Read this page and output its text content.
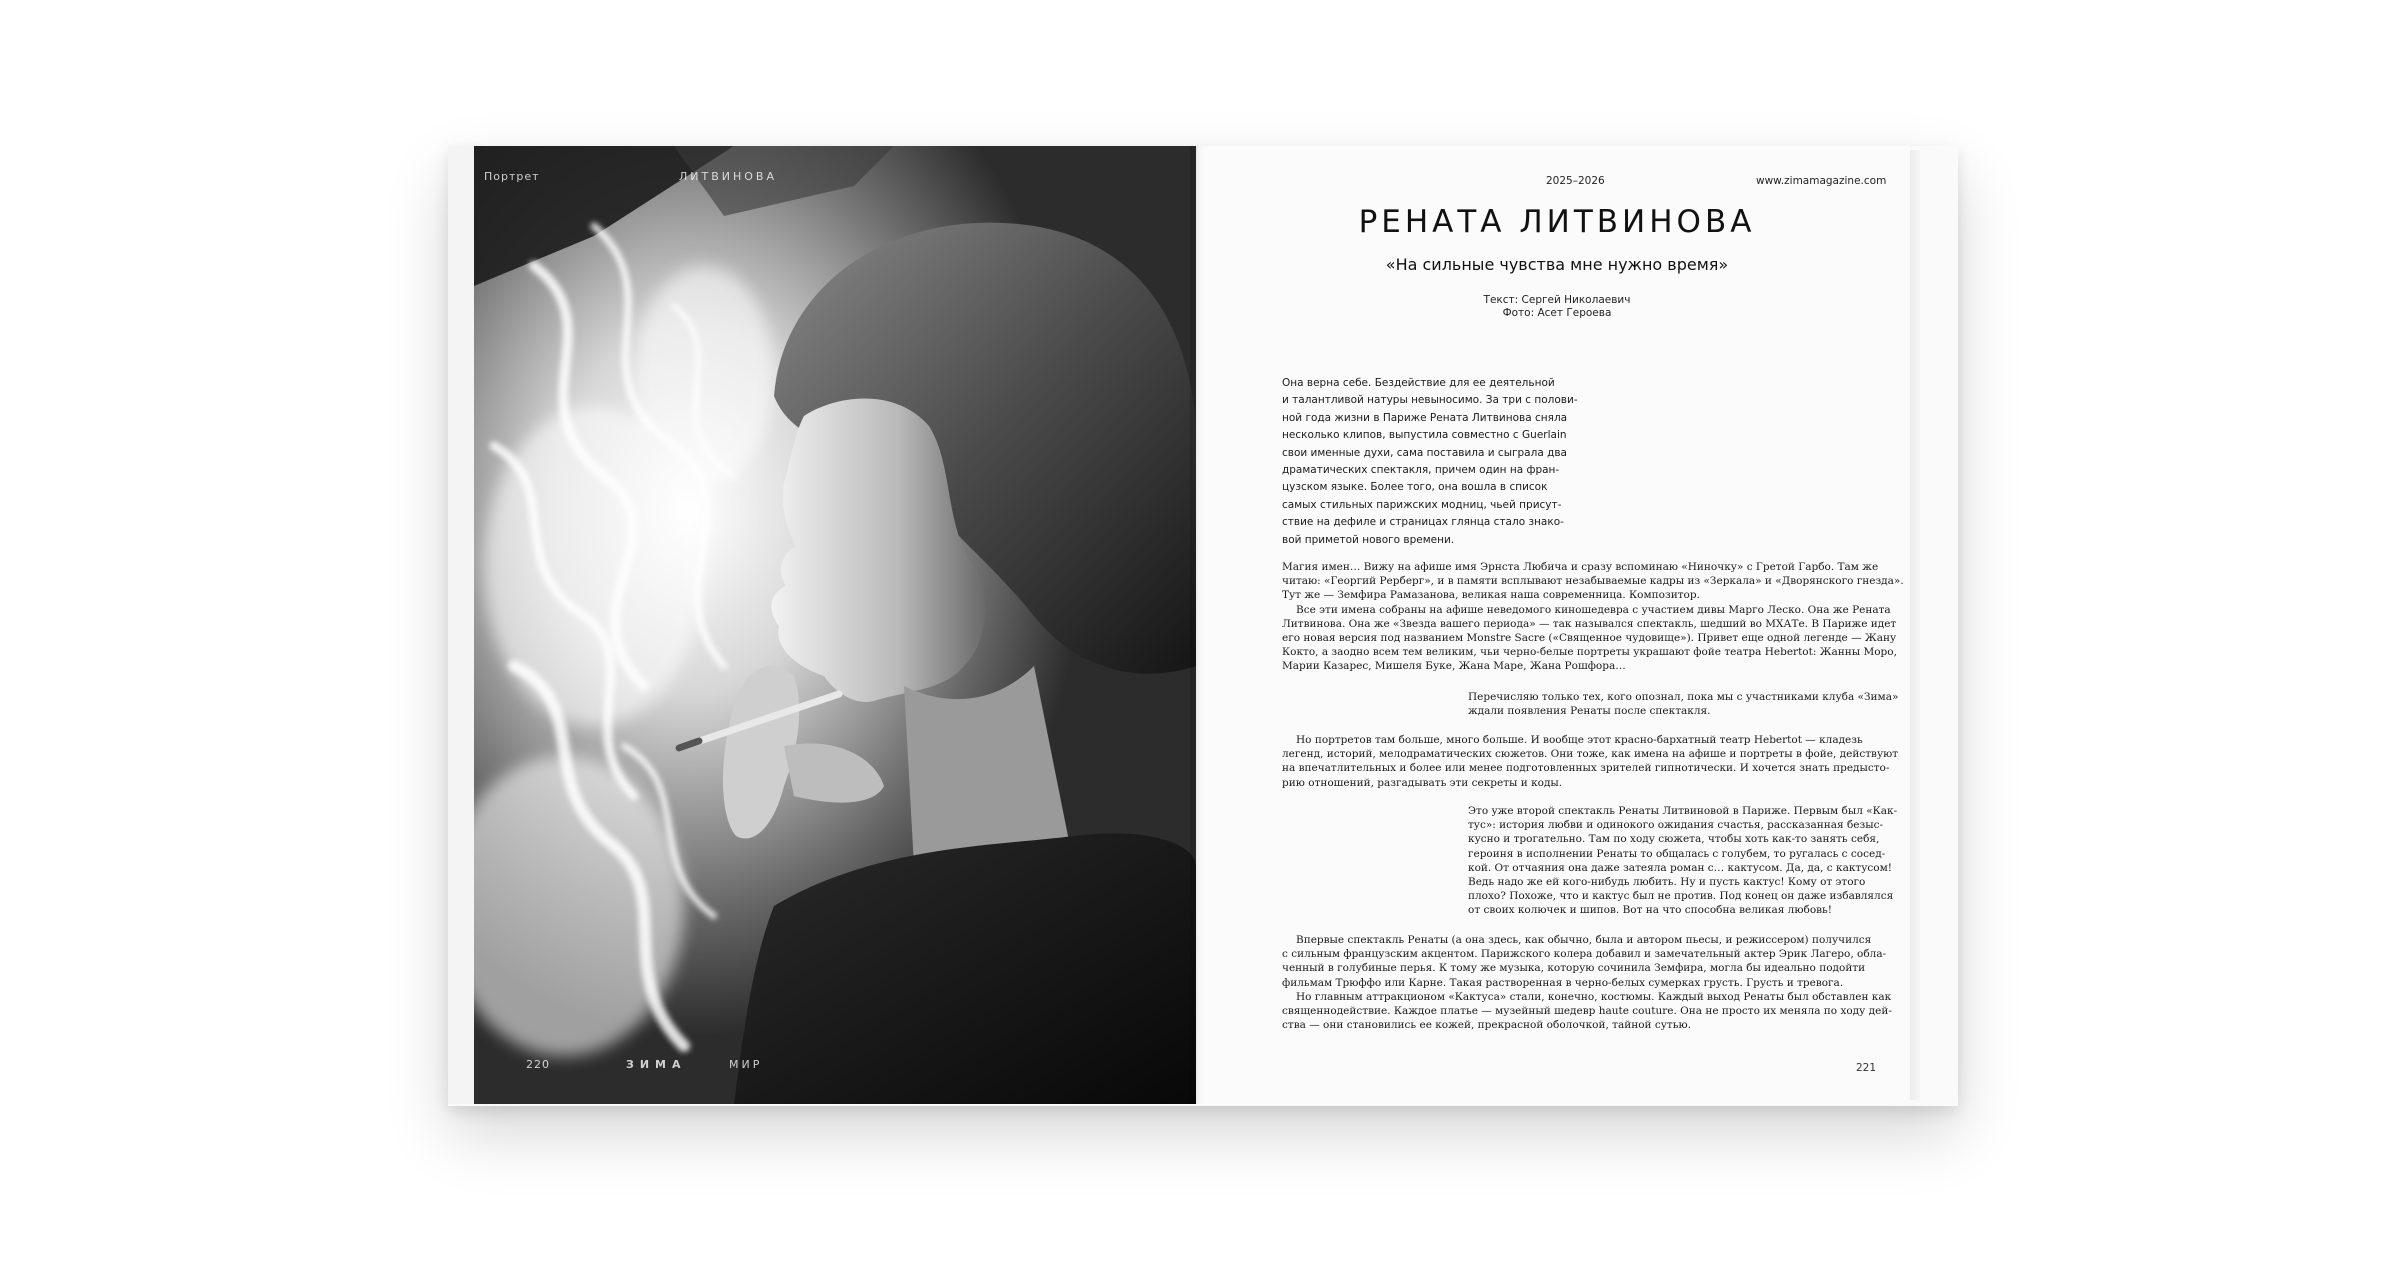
Портрет	ЛИТВИНОВА
220	ЗИМА	МИР
2025–2026	www.zimamagazine.com
РЕНАТА ЛИТВИНОВА
«На сильные чувства мне нужно время»
Текст: Сергей Николаевич
Фото: Асет Героева
Она верна себе. Бездействие для ее деятельной
и талантливой натуры невыносимо. За три с полови-
ной года жизни в Париже Рената Литвинова сняла
несколько клипов, выпустила совместно с Guerlain
свои именные духи, сама поставила и сыграла два
драматических спектакля, причем один на фран-
цузском языке. Более того, она вошла в список
самых стильных парижских модниц, чьей присут-
ствие на дефиле и страницах глянца стало знако-
вой приметой нового времени.
Магия имен… Вижу на афише имя Эрнста Любича и сразу вспоминаю «Ниночку» с Гретой Гарбо. Там же
читаю: «Георгий Рерберг», и в памяти всплывают незабываемые кадры из «Зеркала» и «Дворянского гнезда».
Тут же — Земфира Рамазанова, великая наша современница. Композитор.
Все эти имена собраны на афише неведомого киношедевра с участием дивы Марго Леско. Она же Рената
Литвинова. Она же «Звезда вашего периода» — так назывался спектакль, шедший во МХАТе. В Париже идет
его новая версия под названием Monstre Sacre («Священное чудовище»). Привет еще одной легенде — Жану
Кокто, а заодно всем тем великим, чьи черно-белые портреты украшают фойе театра Hebertot: Жанны Моро,
Марии Казарес, Мишеля Буке, Жана Маре, Жана Рошфора…
Перечисляю только тех, кого опознал, пока мы с участниками клуба «Зима»
ждали появления Ренаты после спектакля.
Но портретов там больше, много больше. И вообще этот красно-бархатный театр Hebertot — кладезь
легенд, историй, мелодраматических сюжетов. Они тоже, как имена на афише и портреты в фойе, действуют
на впечатлительных и более или менее подготовленных зрителей гипнотически. И хочется знать предысто-
рию отношений, разгадывать эти секреты и коды.
Это уже второй спектакль Ренаты Литвиновой в Париже. Первым был «Как-
тус»: история любви и одинокого ожидания счастья, рассказанная безыс-
кусно и трогательно. Там по ходу сюжета, чтобы хоть как-то занять себя,
героиня в исполнении Ренаты то общалась с голубем, то ругалась с сосед-
кой. От отчаяния она даже затеяла роман с… кактусом. Да, да, с кактусом!
Ведь надо же ей кого-нибудь любить. Ну и пусть кактус! Кому от этого
плохо? Похоже, что и кактус был не против. Под конец он даже избавлялся
от своих колючек и шипов. Вот на что способна великая любовь!
Впервые спектакль Ренаты (а она здесь, как обычно, была и автором пьесы, и режиссером) получился
с сильным французским акцентом. Парижского колера добавил и замечательный актер Эрик Лагеро, обла-
ченный в голубиные перья. К тому же музыка, которую сочинила Земфира, могла бы идеально подойти
фильмам Трюффо или Карне. Такая растворенная в черно-белых сумерках грусть. Грусть и тревога.
Но главным аттракционом «Кактуса» стали, конечно, костюмы. Каждый выход Ренаты был обставлен как
священнодействие. Каждое платье — музейный шедевр haute couture. Она не просто их меняла по ходу дей-
ства — они становились ее кожей, прекрасной оболочкой, тайной сутью.
221
